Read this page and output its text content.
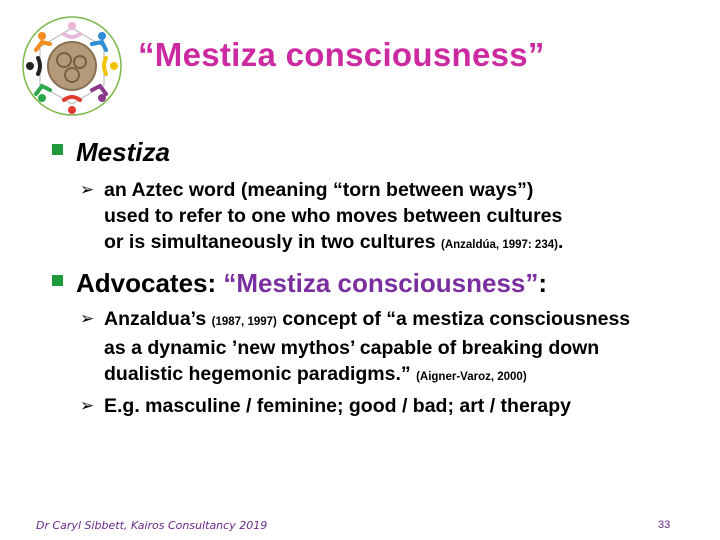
“Mestiza consciousness”
Mestiza
➢ an Aztec word (meaning “torn between ways”)
used to refer to one who moves between cultures
or is simultaneously in two cultures (Anzaldúa, 1997: 234).
Advocates: “Mestiza consciousness”:
➢ Anzaldua’s (1987, 1997) concept of “a mestiza consciousness
as a dynamic ’new mythos’ capable of breaking down
dualistic hegemonic paradigms.” (Aigner-Varoz, 2000)
➢ E.g. masculine / feminine; good / bad; art / therapy
Dr Caryl Sibbett, Kairos Consultancy 2019	33
